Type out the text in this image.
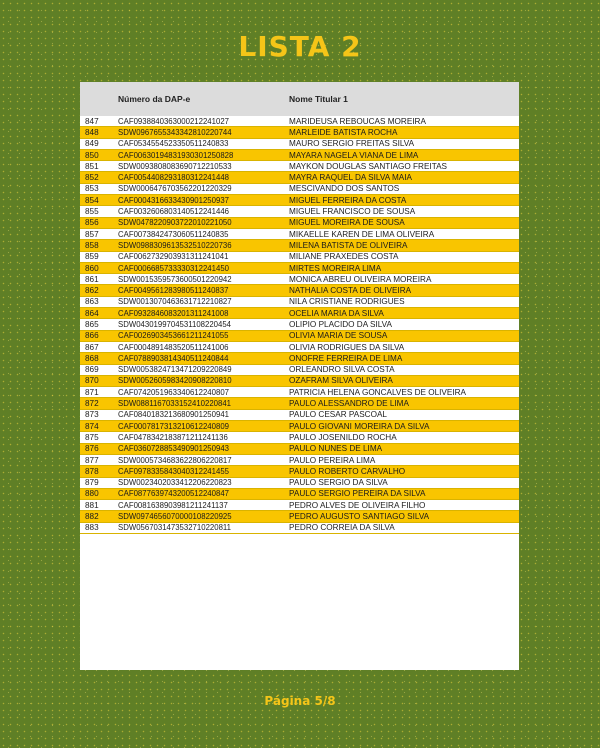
LISTA 2
Número da DAP-e	Nome Titular 1
847	CAF0938840363000212241027	MARIDEUSA REBOUCAS MOREIRA
848	SDW0967655343342810220744	MARLEIDE BATISTA ROCHA
849	CAF0534554523350511240833	MAURO SERGIO FREITAS SILVA
850	CAF00630194831930301250828	MAYARA NAGELA VIANA DE LIMA
851	SDW0093808083690712210533	MAYKON DOUGLAS SANTIAGO FREITAS
852	CAF0054408293180312241448	MAYRA RAQUEL DA SILVA MAIA
853	SDW0006476703562201220329	MESCIVANDO DOS SANTOS
854	CAF0004316633430901250937	MIGUEL FERREIRA DA COSTA
855	CAF0032606803140512241446	MIGUEL FRANCISCO DE SOUSA
856	SDW0478220903722010221050	MIGUEL MOREIRA DE SOUSA
857	CAF0073842473060511240835	MIKAELLE KAREN DE LIMA OLIVEIRA
858	SDW0988309613532510220736	MILENA BATISTA DE OLIVEIRA
859	CAF0062732903931311241041	MILIANE PRAXEDES COSTA
860	CAF0006685733330312241450	MIRTES MOREIRA LIMA
861	SDW0015359573600501220942	MONICA ABREU OLIVEIRA MOREIRA
862	CAF0049561283980511240837	NATHALIA COSTA DE OLIVEIRA
863	SDW0013070463631712210827	NILA CRISTIANE RODRIGUES
864	CAF0932846083201311241008	OCELIA MARIA DA SILVA
865	SDW0430199704531108220454	OLIPIO PLACIDO DA SILVA
866	CAF0026903453661211241055	OLIVIA MARIA DE SOUSA
867	CAF0004891483520511241006	OLIVIA RODRIGUES DA SILVA
868	CAF0788903814340511240844	ONOFRE FERREIRA DE LIMA
869	SDW0053824713471209220849	ORLEANDRO SILVA COSTA
870	SDW0052605983420908220810	OZAFRAM SILVA OLIVEIRA
871	CAF0742051963340612240807	PATRICIA HELENA GONCALVES DE OLIVEIRA
872	SDW0881167033152410220841	PAULO ALESSANDRO DE LIMA
873	CAF0840183213680901250941	PAULO CESAR PASCOAL
874	CAF0007817313210612240809	PAULO GIOVANI MOREIRA DA SILVA
875	CAF0478342183871211241136	PAULO JOSENILDO ROCHA
876	CAF0360728853490901250943	PAULO NUNES DE LIMA
877	SDW0005734683622806220817	PAULO PEREIRA LIMA
878	CAF0978335843040312241455	PAULO ROBERTO CARVALHO
879	SDW0023402033412206220823	PAULO SERGIO DA SILVA
880	CAF0877639743200512240847	PAULO SERGIO PEREIRA DA SILVA
881	CAF0081638903981211241137	PEDRO ALVES DE OLIVEIRA FILHO
882	SDW0974656070000108220925	PEDRO AUGUSTO SANTIAGO SILVA
883	SDW0567031473532710220811	PEDRO CORREIA DA SILVA
Página 5/8
